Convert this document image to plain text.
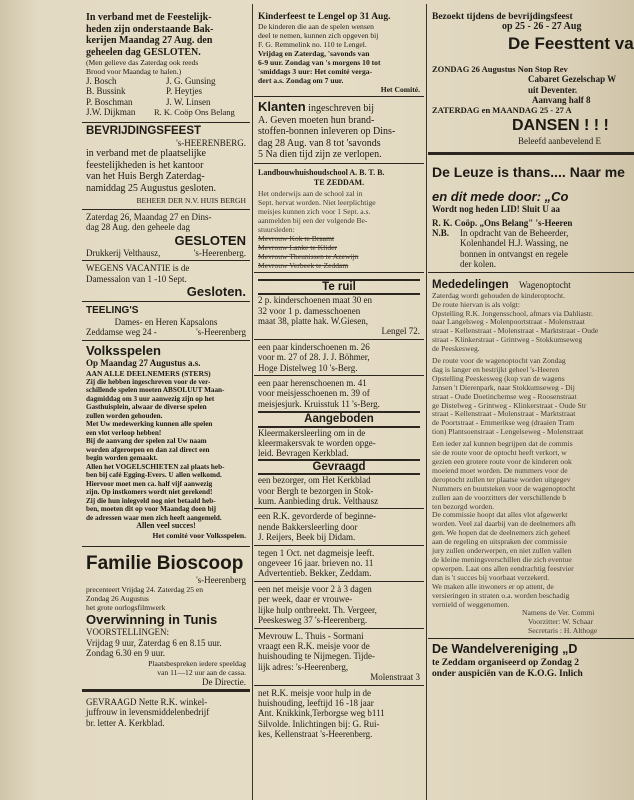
In verband met de Feestelijk-

heden zijn onderstaande Bak-

kerijen Maandag 27 Aug. den

geheelen dag GESLOTEN.

(Men gelieve das Zaterdag ook reeds

Brood voor Maandag te halen.)

J. Bosch	J. G. Gunsing
B. Bussink	P. Heytjes
P. Boschman	J. W. Linsen
J.W. Dijkman	R. K. Coöp Ons Belang

BEVRIJDINGSFEEST

's-HEERENBERG.

in verband met de plaatselijke

feestelijkheden is het kantoor

van het Huis Bergh Zaterdag-

namiddag 25 Augustus gesloten.

BEHEER DER N.V. HUIS BERGH

Zaterdag 26, Maandag 27 en Dins-

dag 28 Aug. den geheele dag

GESLOTEN

Drukkerij Velthausz,	's-Heerenberg.

WEGENS VACANTIE is de

Damessalon van 1 -10 Sept.

Gesloten.

TEELING'S

Dames- en Heren Kapsalons

Zeddamse weg 24 -	's-Heerenberg

Volksspelen

Op Maandag 27 Augustus a.s.

AAN ALLE DEELNEMERS (STERS)

Zij die hebben ingeschreven voor de ver-

schillende spelen moeten ABSOLUUT Maan-

dagmiddag om 3 uur aanwezig zijn op het

Gasthuisplein, alwaar de diverse spelen

zullen worden gehouden.

Met Uw medewerking kunnen alle spelen

een vlot verloop hebben!

Bij de aanvang der spelen zal Uw naam

worden afgeroepen en dan zal direct een

begin worden gemaakt.

Allen het VOGELSCHIETEN zal plaats heb-

ben bij café Egging-Evers. U allen welkomd.

Hiervoor moet men ca. half vijf aanwezig

zijn. Op instkomers wordt niet gerekend!

Zij die hun inlegveld nog niet betaald heb-

ben, moeten dit op voor Maandag doen bij

de adressen waar men zich heeft aangemeld.

Allen veel succes!

Het comité voor Volksspelen.

Familie Bioscoop

's-Heerenberg

precenteert Vrijdag 24. Zaterdag 25 en

Zondag 26 Augustus

het grote oorlogsfilmwerk

Overwinning in Tunis

VOORSTELLINGEN:

Vrijdag 9 uur, Zaterdag 6 en 8.15 uur.

Zondag 6.30 en 9 uur.

Plaatsbespreken iedere speeldag

van 11—12 uur aan de cassa.

De Directie.

GEVRAAGD Nette R.K. winkel-

juffrouw in levensmiddelenbedrijf

br. letter A. Kerkblad.

Kinderfeest te Lengel op 31 Aug.

De kinderen die aan de spelen wensen

deel te nemen, kunnen zich opgeven bij

F. G. Remmelink no. 110 te Lengel.

Vrijdag en Zaterdag, 'savonds van

6-9 uur. Zondag van 's morgens 10 tot

'smiddags 3 uur: Het comité verga-

dert a.s. Zondag om 7 uur.

Het Comité.

Klanten ingeschreven bij

A. Geven moeten hun brand-

stoffen-bonnen inleveren op Dins-

dag 28 Aug. van 8 tot 'savonds

5 Na dien tijd zijn ze verlopen.

Landbouwhuishoudschool A. B. T. B.

TE ZEDDAM.

Het onderwijs aan de school zal in

Sept. hervat worden. Niet leerplichtige

meisjes kunnen zich voor 1 Sept. a.s.

aanmelden bij een der volgende Be-

stuursleden:

Mevrouw Kok te Braamt

Mevrouw Lanke te Klider

Mevrouw Theunissen te Azewijn

Mevrouw Verbeek te Zeddam

Te ruil

2 p. kinderschoenen maat 30 en

32 voor 1 p. damesschoenen

maat 38, platte hak. W.Giesen,

Lengel 72.

een paar kinderschoenen m. 26

voor m. 27 of 28. J. J. Böhmer,

Hoge Distelweg 10 's-Berg.

een paar herenschoenen m. 41

voor meisjesschoenen m. 39 of

meisjesjurk. Kruisstuk 11 's-Berg.

Aangeboden

Kleermakersleerling om in de

kleermakersvak te worden opge-

leid. Bevragen Kerkblad.

Gevraagd

een bezorger, om Het Kerkblad

voor Bergh te bezorgen in Stok-

kum. Aanbieding druk. Velthausz

een R.K. gevorderde of beginne-

nende Bakkersleerling door

J. Reijers, Beek bij Didam.

tegen 1 Oct. net dagmeisje leeft.

ongeveer 16 jaar. brieven no. 11

Advertentieb. Bekker, Zeddam.

een net meisje voor 2 à 3 dagen

per week, daar er vrouwe-

lijke hulp ontbreekt. Th. Vergeer,

Peeskesweg 37 's-Heerenberg.

Mevrouw L. Thuis - Sormani

vraagt een R.K. meisje voor de

huishouding te Nijmegen. Tijde-

lijk adres: 's-Heerenberg,

Molenstraat 3

net R.K. meisje voor hulp in de

huishouding, leeftijd 16 -18 jaar

Ant. Knikkink,Terborgse weg b111

Silvolde. Inlichtingen bij: G. Rui-

kes, Kellenstraat 's-Heerenberg.

Bezoekt tijdens de bevrijdingsfeest

op 25 - 26 - 27 Aug

De Feesttent va

ZONDAG 26 Augustus Non Stop Rev

Cabaret Gezelschap W

uit Deventer.

Aanvang half 8

ZATERDAG en MAANDAG 25 - 27 A

DANSEN ! ! !

Beleefd aanbevelend E

De Leuze is thans.... Naar me

en dit mede door: „Co

Wordt nog heden LID! Sluit U aa

R. K. Coöp. „Ons Belang" 's-Heeren

N.B.	In opdracht van de Beheerder,

Kolenhandel H.J. Wassing, ne

bonnen in ontvangst en regele

der kolen.

Mededelingen Wagenoptocht

Zaterdag wordt gehouden de kinderoptocht.

De route hiervan is als volgt:

Opstelling R.K. Jongensschool, afmars via Dahliastr.

naar Langelsweg - Molenpoortstraat - Molenstraat

straat - Kellenstraat - Molenstraat - Marktstraat - Oude

straat - Klinkerstraat - Grintweg - Stokkumseweg

de Peeskesweg.

De route voor de wagenoptocht van Zondag

dag is langer en bestrijkt geheel 's-Heeren

Opstelling Peeskesweg (kop van de wagens

Jansen 't Dierenpark, naar Stokkumseweg - Dij

straat - Oude Doetinchemse weg - Roosenstraat

ge Distelweg - Grintweg - Klinkerstraat - Oude Str

straat - Kellenstraat - Molenstraat - Marktstraat

de Poortstraat - Emmerikse weg (draaien Tram

tion) Plantsoenstraat - Lengelseweg - Molenstraat

Een ieder zal kunnen begrijpen dat de commis

sie de route voor de optocht heeft verkort, w

gezien een grotere route voor de kinderen ook

moeiend moet worden. De nummers voor de

deroptocht zullen ter plaatse worden uitgegev

Nummers en buutsteken voor de wagenoptocht

zullen aan de voorzitters der verschillende b

ten bezorgd worden.

De commissie hoopt dat alles vlot afgewerkt

worden. Veel zal daarbij van de deelnemers afh

gen. We hopen dat de deelnemers zich geheel

aan de regeling en uitspraken der commissie

jury zullen onderwerpen, en niet zullen vallen

de kleine meningsverschillen die zich eventue

opwerpen. Laat ons allen eendrachtig feestvier

dan is 't succes bij voorbaat verzekerd.

We maken alle inwoners er op attent, de

versieringen in straten o.a. worden beschadig

vernield of weggenomen.

Namens de Ver. Commi

Voorzitter: W. Schaar

Secretaris : H. Althoge

De Wandelvereniging „D

te Zeddam organiseerd op Zondag 2

onder auspiciën van de K.O.G. Inlich
